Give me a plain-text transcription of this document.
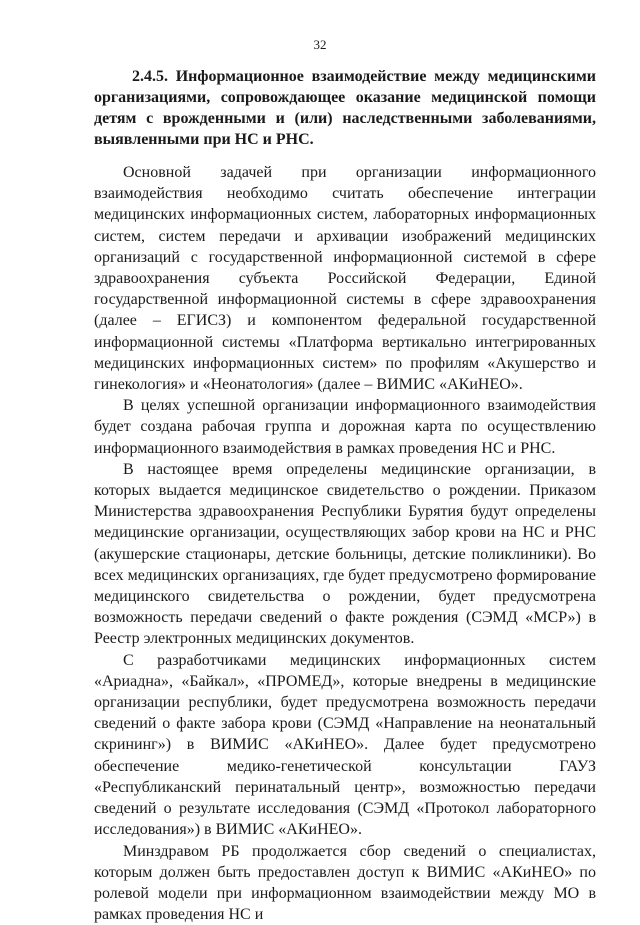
32

2.4.5. Информационное взаимодействие между медицинскими организациями, сопровождающее оказание медицинской помощи детям с врожденными и (или) наследственными заболеваниями, выявленными при НС и РНС.

Основной задачей при организации информационного взаимодействия необходимо считать обеспечение интеграции медицинских информационных систем, лабораторных информационных систем, систем передачи и архивации изображений медицинских организаций с государственной информационной системой в сфере здравоохранения субъекта Российской Федерации, Единой государственной информационной системы в сфере здравоохранения (далее – ЕГИСЗ) и компонентом федеральной государственной информационной системы «Платформа вертикально интегрированных медицинских информационных систем» по профилям «Акушерство и гинекология» и «Неонатология» (далее – ВИМИС «АКиНЕО».

В целях успешной организации информационного взаимодействия будет создана рабочая группа и дорожная карта по осуществлению информационного взаимодействия в рамках проведения НС и РНС.

В настоящее время определены медицинские организации, в которых выдается медицинское свидетельство о рождении. Приказом Министерства здравоохранения Республики Бурятия будут определены медицинские организации, осуществляющих забор крови на НС и РНС (акушерские стационары, детские больницы, детские поликлиники). Во всех медицинских организациях, где будет предусмотрено формирование медицинского свидетельства о рождении, будет предусмотрена возможность передачи сведений о факте рождения (СЭМД «МСР») в Реестр электронных медицинских документов.

С разработчиками медицинских информационных систем «Ариадна», «Байкал», «ПРОМЕД», которые внедрены в медицинские организации республики, будет предусмотрена возможность передачи сведений о факте забора крови (СЭМД «Направление на неонатальный скрининг») в ВИМИС «АКиНЕО». Далее будет предусмотрено обеспечение медико-генетической консультации ГАУЗ «Республиканский перинатальный центр», возможностью передачи сведений о результате исследования (СЭМД «Протокол лабораторного исследования») в ВИМИС «АКиНЕО».

Минздравом РБ продолжается сбор сведений о специалистах, которым должен быть предоставлен доступ к ВИМИС «АКиНЕО» по ролевой модели при информационном взаимодействии между МО в рамках проведения НС и
